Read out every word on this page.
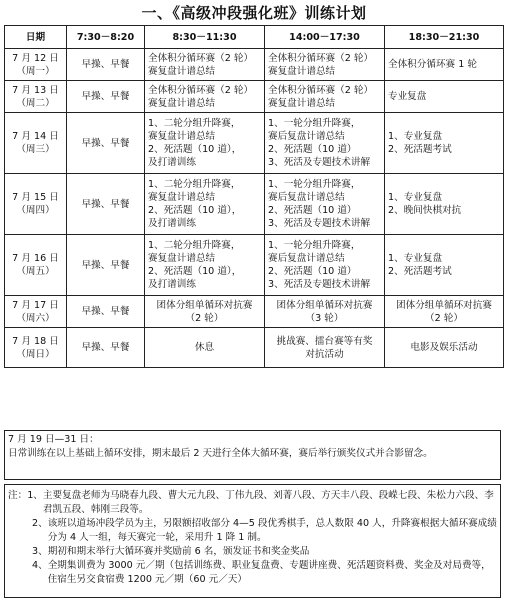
一、《高级冲段强化班》训练计划
日期	7:30－8:20	8:30－11:30	14:00－17:30	18:30－21:30

7 月 12 日
（周一）	早操、早餐	全体积分循环赛（2 轮）
赛复盘计谱总结	全体积分循环赛（2 轮）
赛复盘计谱总结	全体积分循环赛 1 轮

7 月 13 日
（周二）	早操、早餐	全体积分循环赛（2 轮）
赛复盘计谱总结	全体积分循环赛（2 轮）
赛复盘计谱总结	专业复盘

7 月 14 日
（周三）	早操、早餐	1、二轮分组升降赛，
赛复盘计谱总结
2、死活题（10 道），
及打谱训练	1、一轮分组升降赛，
赛后复盘计谱总结
2、死活题（10 道）
3、死活及专题技术讲解	1、专业复盘
2、死活题考试

7 月 15 日
（周四）	早操、早餐	1、二轮分组升降赛，
赛复盘计谱总结
2、死活题（10 道），
及打谱训练	1、一轮分组升降赛，
赛后复盘计谱总结
2、死活题（10 道）
3、死活及专题技术讲解	1、专业复盘
2、晚间快棋对抗

7 月 16 日
（周五）	早操、早餐	1、二轮分组升降赛，
赛复盘计谱总结
2、死活题（10 道），
及打谱训练	1、一轮分组升降赛，
赛后复盘计谱总结
2、死活题（10 道）
3、死活及专题技术讲解	1、专业复盘
2、死活题考试

7 月 17 日
（周六）	早操、早餐	团体分组单循环对抗赛
（2 轮）	团体分组单循环对抗赛
（3 轮）	团体分组单循环对抗赛
（2 轮）

7 月 18 日
（周日）	早操、早餐	休息	挑战赛、擂台赛等有奖
对抗活动	电影及娱乐活动
7 月 19 日—31 日：
日常训练在以上基础上循环安排，期末最后 2 天进行全体大循环赛，赛后举行颁奖仪式并合影留念。
注： 1、 主要复盘老师为马晓春九段、曹大元九段、丁伟九段、刘菁八段、方天丰八段、段嵘七段、朱松力六段、李君凯五段、韩刚三段等。
2、 该班以道场冲段学员为主，另限额招收部分 4—5 段优秀棋手，总人数限 40 人，升降赛根据大循环赛成绩分为 4 人一组，每天赛完一轮，采用升 1 降 1 制。
3、 期初和期末举行大循环赛并奖励前 6 名，颁发证书和奖金奖品
4、 全期集训费为 3000 元／期（包括训练费、职业复盘费、专题讲座费、死活题资料费、奖金及对局费等，住宿生另交食宿费 1200 元／期（60 元／天）
